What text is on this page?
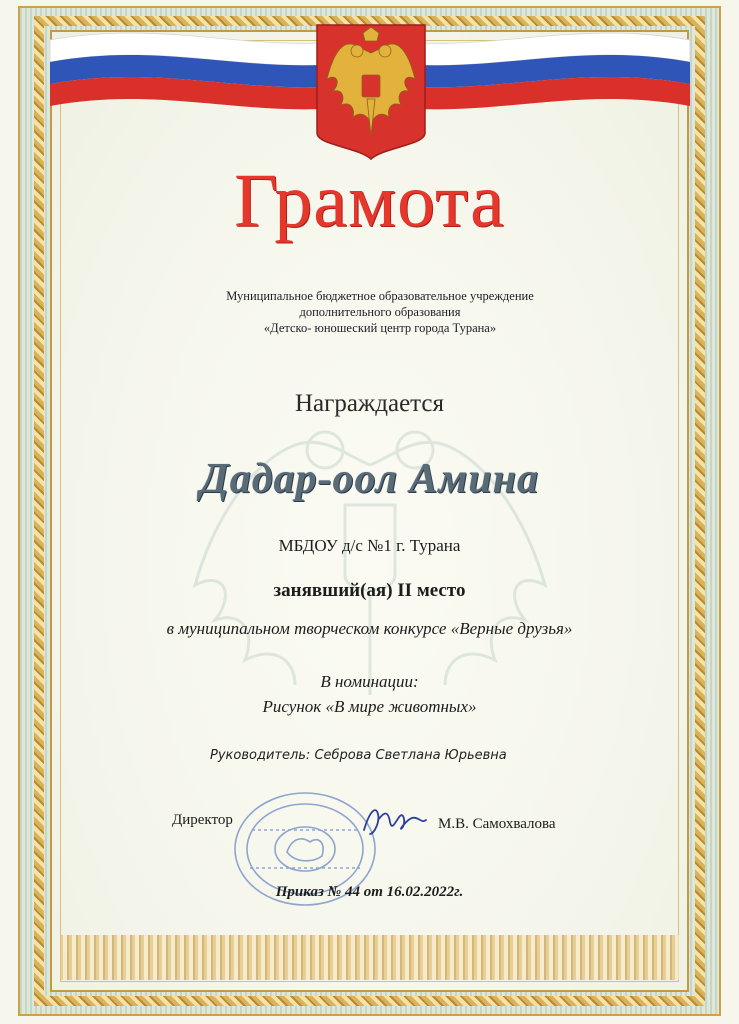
Грамота
Муниципальное бюджетное образовательное учреждение
дополнительного образования
«Детско- юношеский центр города Турана»
Награждается
Дадар-оол Амина
МБДОУ д/с №1 г. Турана
занявший(ая) II место
в муниципальном творческом конкурсе «Верные друзья»
В номинации:
Рисунок «В мире животных»
Руководитель: Себрова Светлана Юрьевна
Директор	М.В. Самохвалова
Приказ № 44 от 16.02.2022г.
